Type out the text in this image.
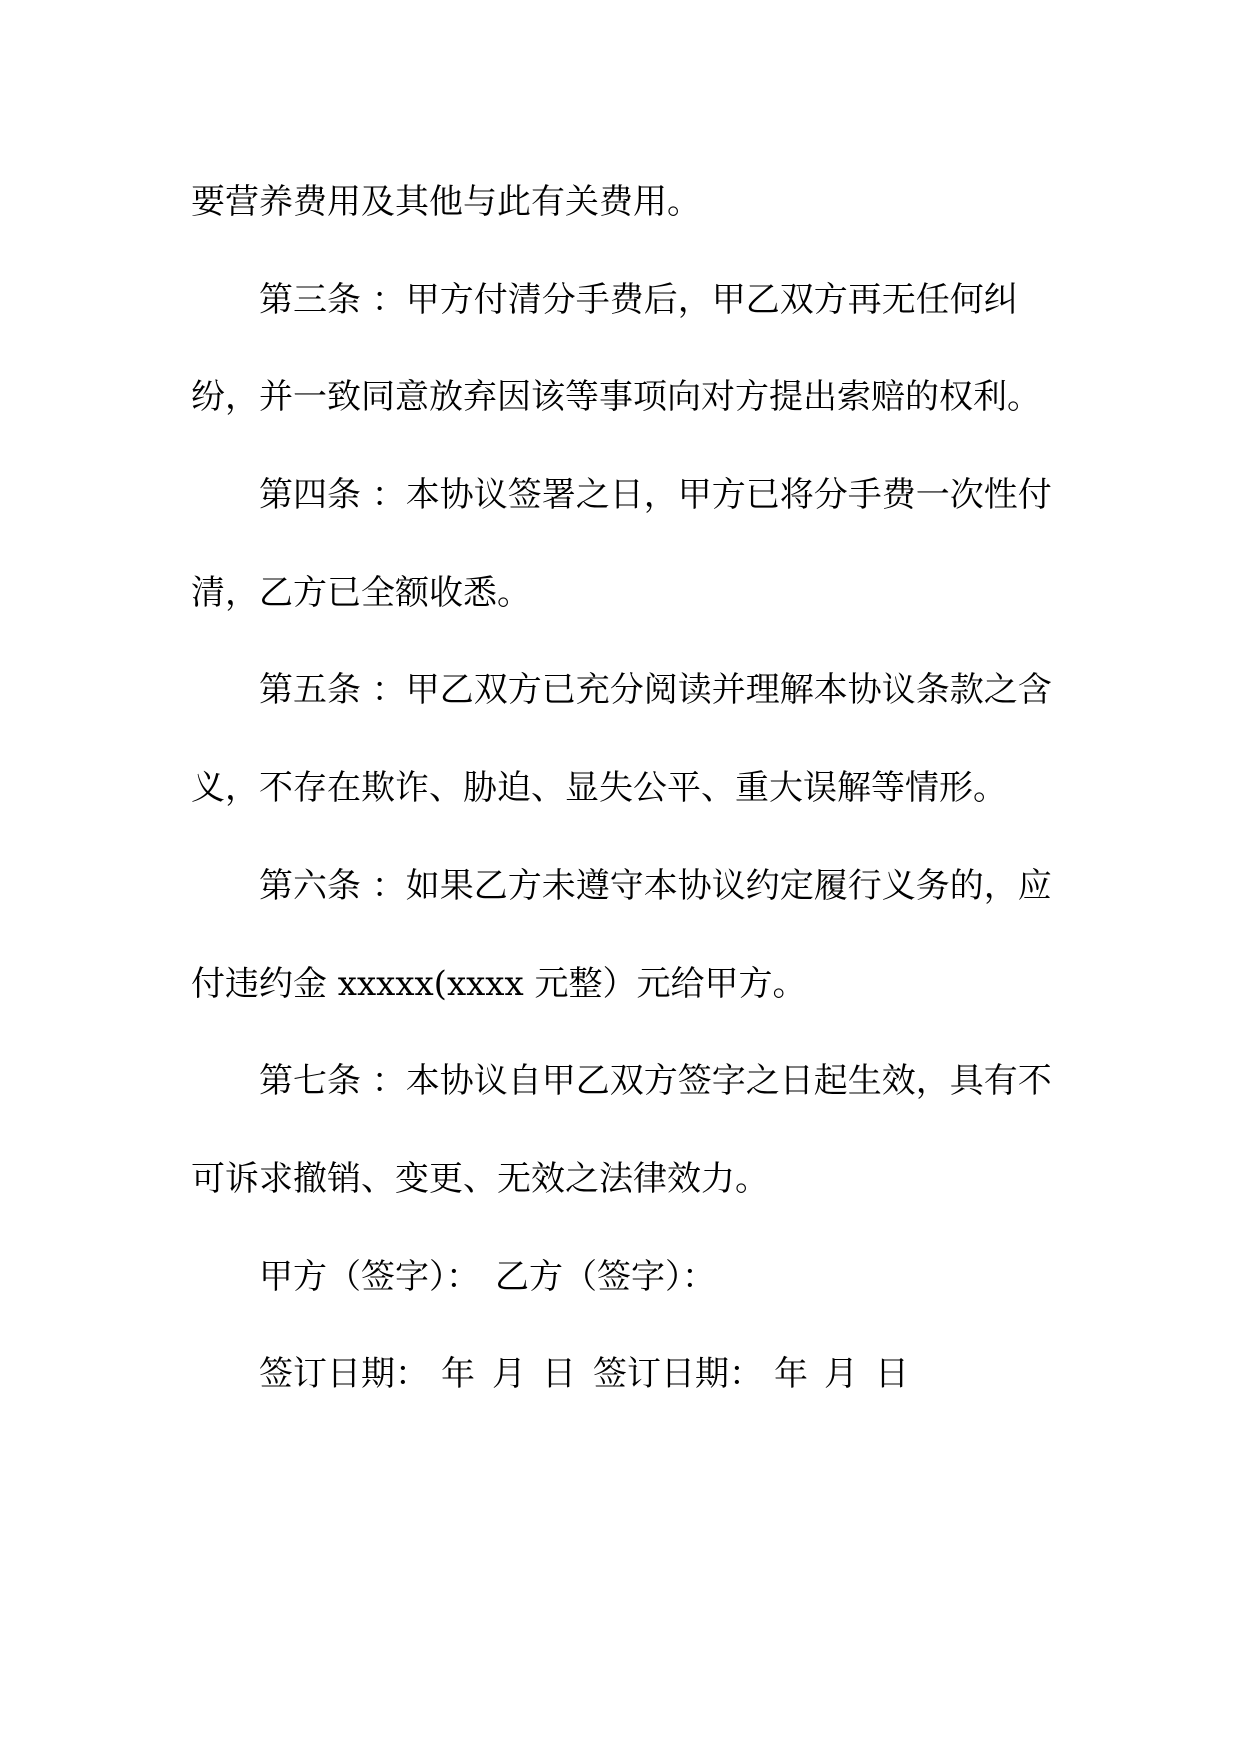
要营养费用及其他与此有关费用。
第三条 ：甲方付清分手费后，甲乙双方再无任何纠
纷，并一致同意放弃因该等事项向对方提出索赔的权利。
第四条 ：本协议签署之日，甲方已将分手费一次性付
清，乙方已全额收悉。
第五条 ：甲乙双方已充分阅读并理解本协议条款之含
义，不存在欺诈、胁迫、显失公平、重大误解等情形。
第六条 ：如果乙方未遵守本协议约定履行义务的，应
付违约金 xxxxx(xxxx 元整）元给甲方。
第七条 ：本协议自甲乙双方签字之日起生效，具有不
可诉求撤销、变更、无效之法律效力。
甲方（签字）： 乙方（签字）：
签订日期： 年 月 日 签订日期： 年 月 日
